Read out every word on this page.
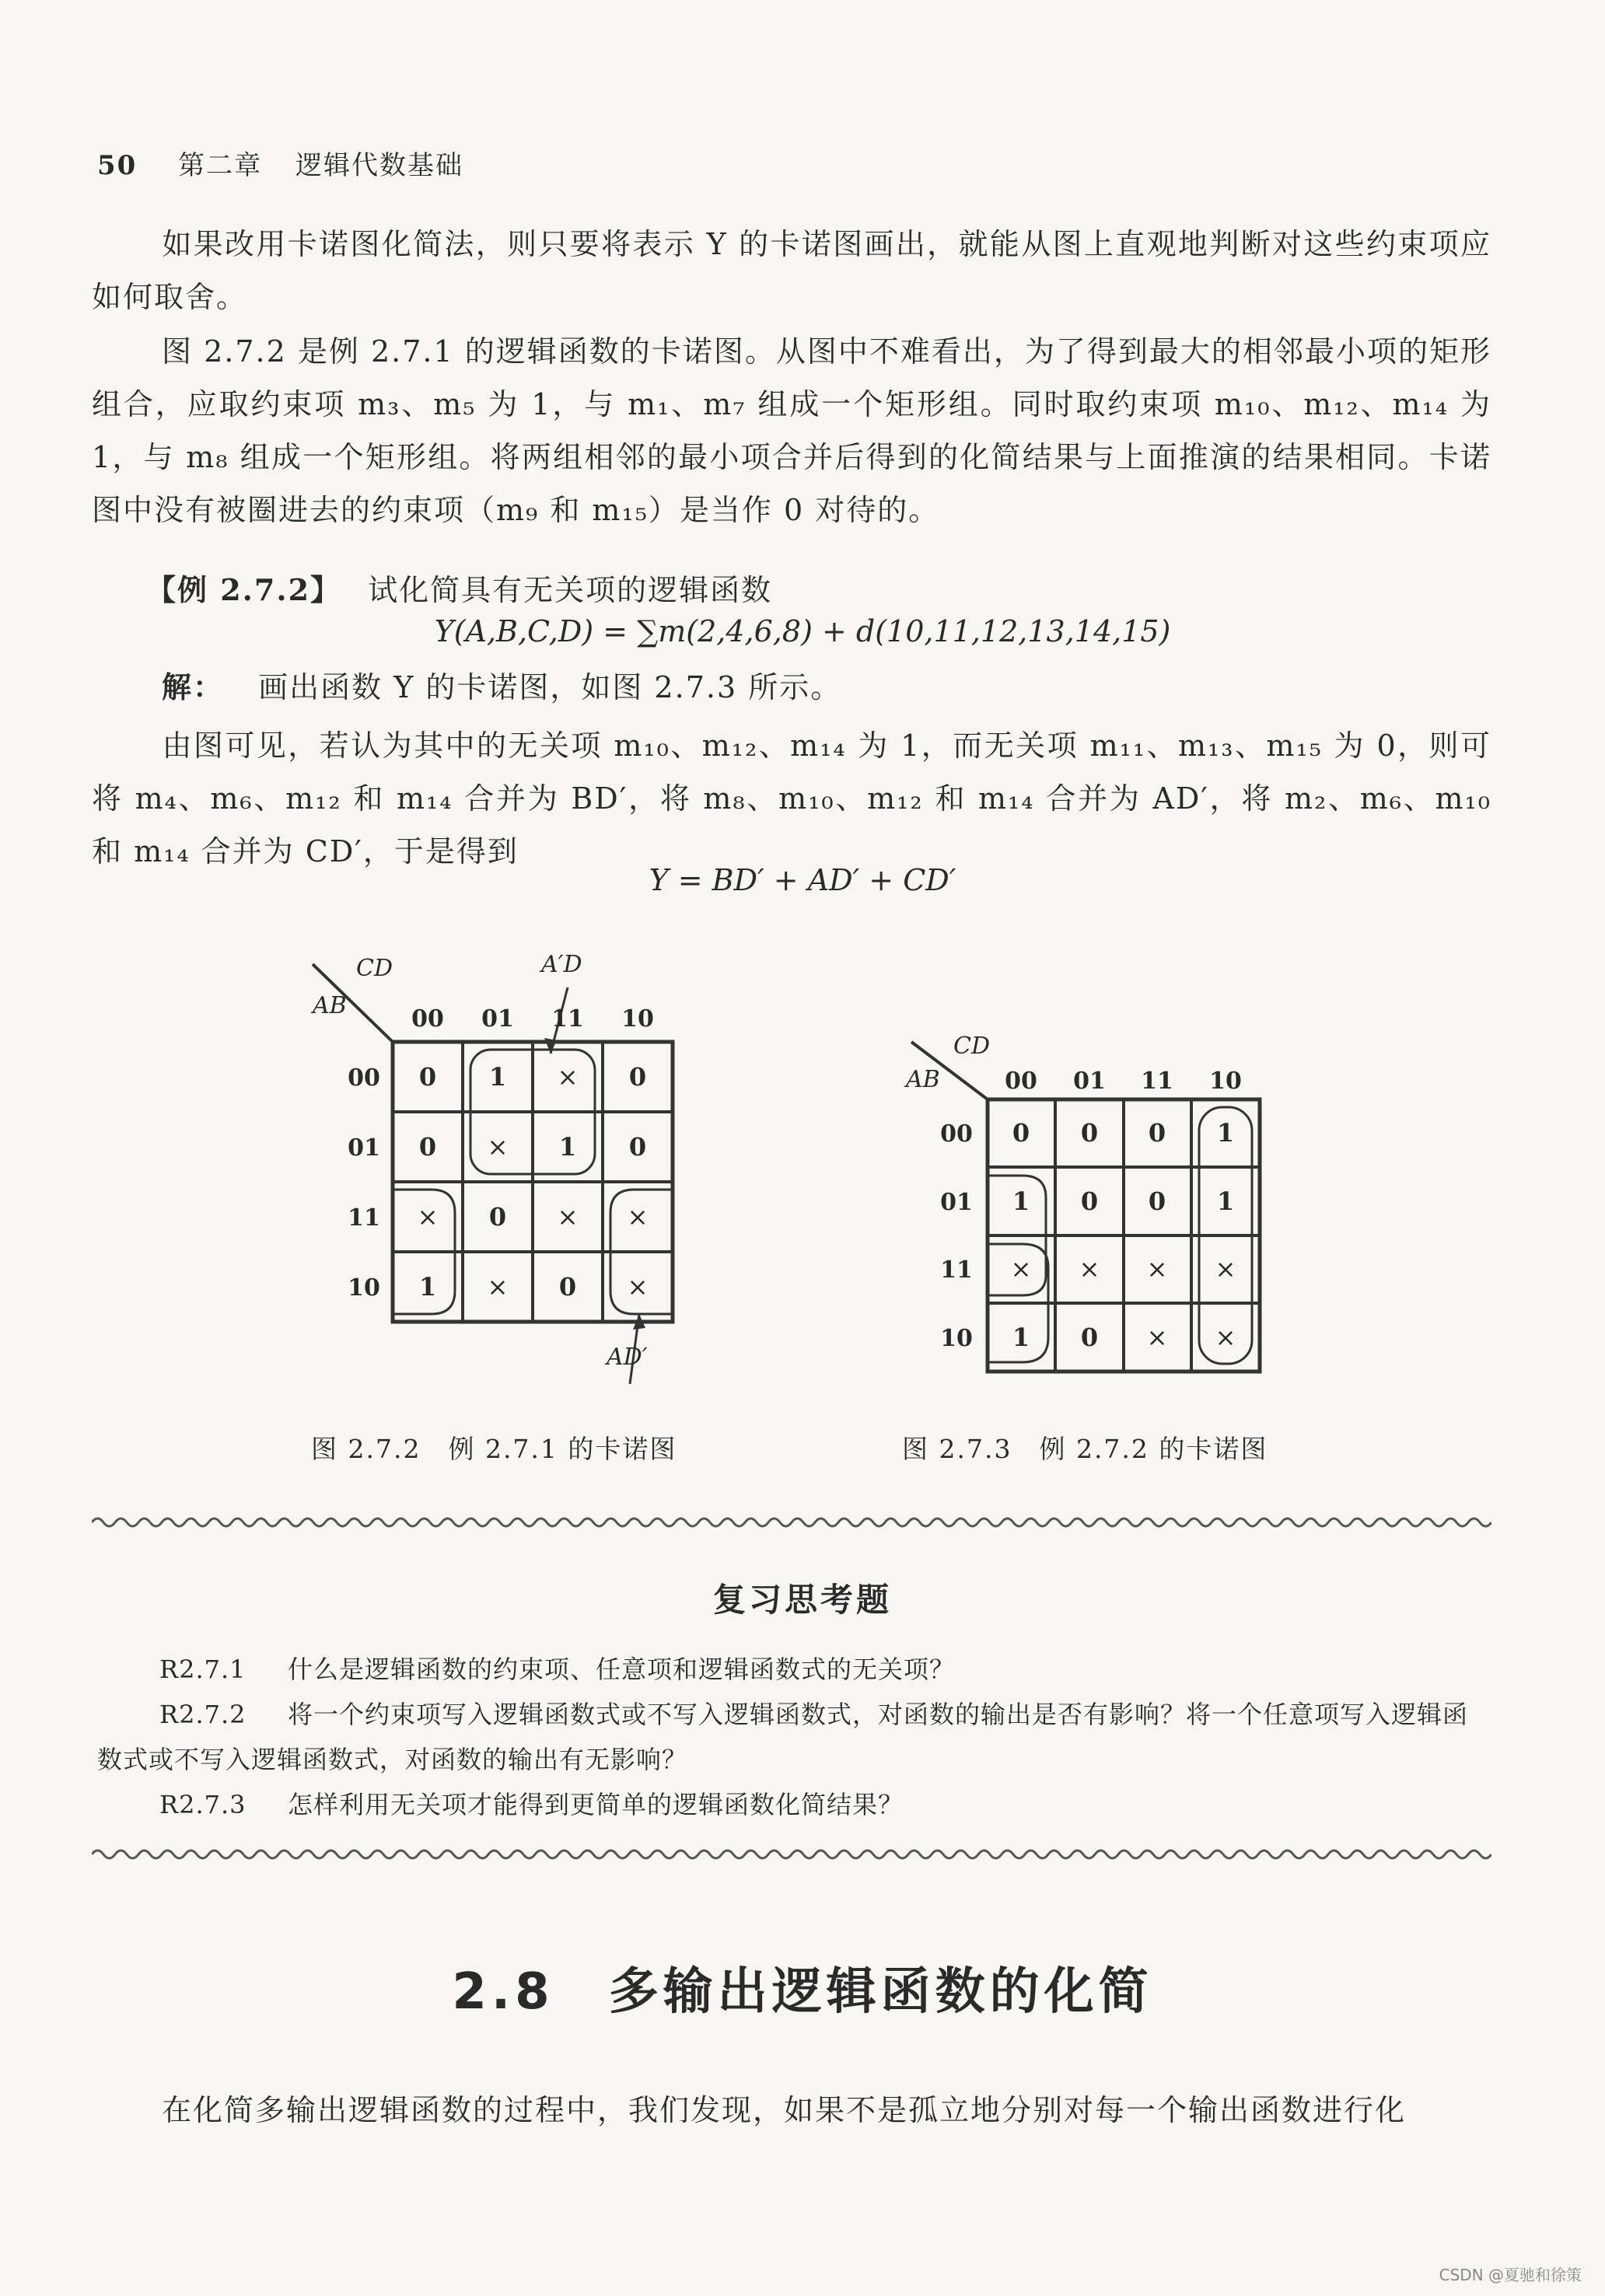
50 第二章 逻辑代数基础
如果改用卡诺图化简法，则只要将表示 Y 的卡诺图画出，就能从图上直观地判断对这些约束项应如何取舍。
图 2.7.2 是例 2.7.1 的逻辑函数的卡诺图。从图中不难看出，为了得到最大的相邻最小项的矩形组合，应取约束项 m₃、m₅ 为 1，与 m₁、m₇ 组成一个矩形组。同时取约束项 m₁₀、m₁₂、m₁₄ 为 1，与 m₈ 组成一个矩形组。将两组相邻的最小项合并后得到的化简结果与上面推演的结果相同。卡诺图中没有被圈进去的约束项（m₉ 和 m₁₅）是当作 0 对待的。
【例 2.7.2】 试化简具有无关项的逻辑函数
Y(A,B,C,D) = ∑m(2,4,6,8) + d(10,11,12,13,14,15)
解： 画出函数 Y 的卡诺图，如图 2.7.3 所示。
由图可见，若认为其中的无关项 m₁₀、m₁₂、m₁₄ 为 1，而无关项 m₁₁、m₁₃、m₁₅ 为 0，则可将 m₄、m₆、m₁₂ 和 m₁₄ 合并为 BD′，将 m₈、m₁₀、m₁₂ 和 m₁₄ 合并为 AD′，将 m₂、m₆、m₁₀ 和 m₁₄ 合并为 CD′，于是得到
Y = BD′ + AD′ + CD′
CD
AB
A′D
00 01 11 10
00
01
11
10
0 1 × 0
0 × 1 0
× 0 × ×
1 × 0 ×
AD′
图 2.7.2　例 2.7.1 的卡诺图
CD
AB	00 01 11 10
00
01
11
10
0 0 0 1
1 0 0 1
× × × ×
1 0 × ×
图 2.7.3　例 2.7.2 的卡诺图
复习思考题
R2.7.1 什么是逻辑函数的约束项、任意项和逻辑函数式的无关项？
R2.7.2 将一个约束项写入逻辑函数式或不写入逻辑函数式，对函数的输出是否有影响？将一个任意项写入逻辑函数式或不写入逻辑函数式，对函数的输出有无影响？
R2.7.3 怎样利用无关项才能得到更简单的逻辑函数化简结果？
2.8 多输出逻辑函数的化简
在化简多输出逻辑函数的过程中，我们发现，如果不是孤立地分别对每一个输出函数进行化
CSDN @夏驰和徐策
